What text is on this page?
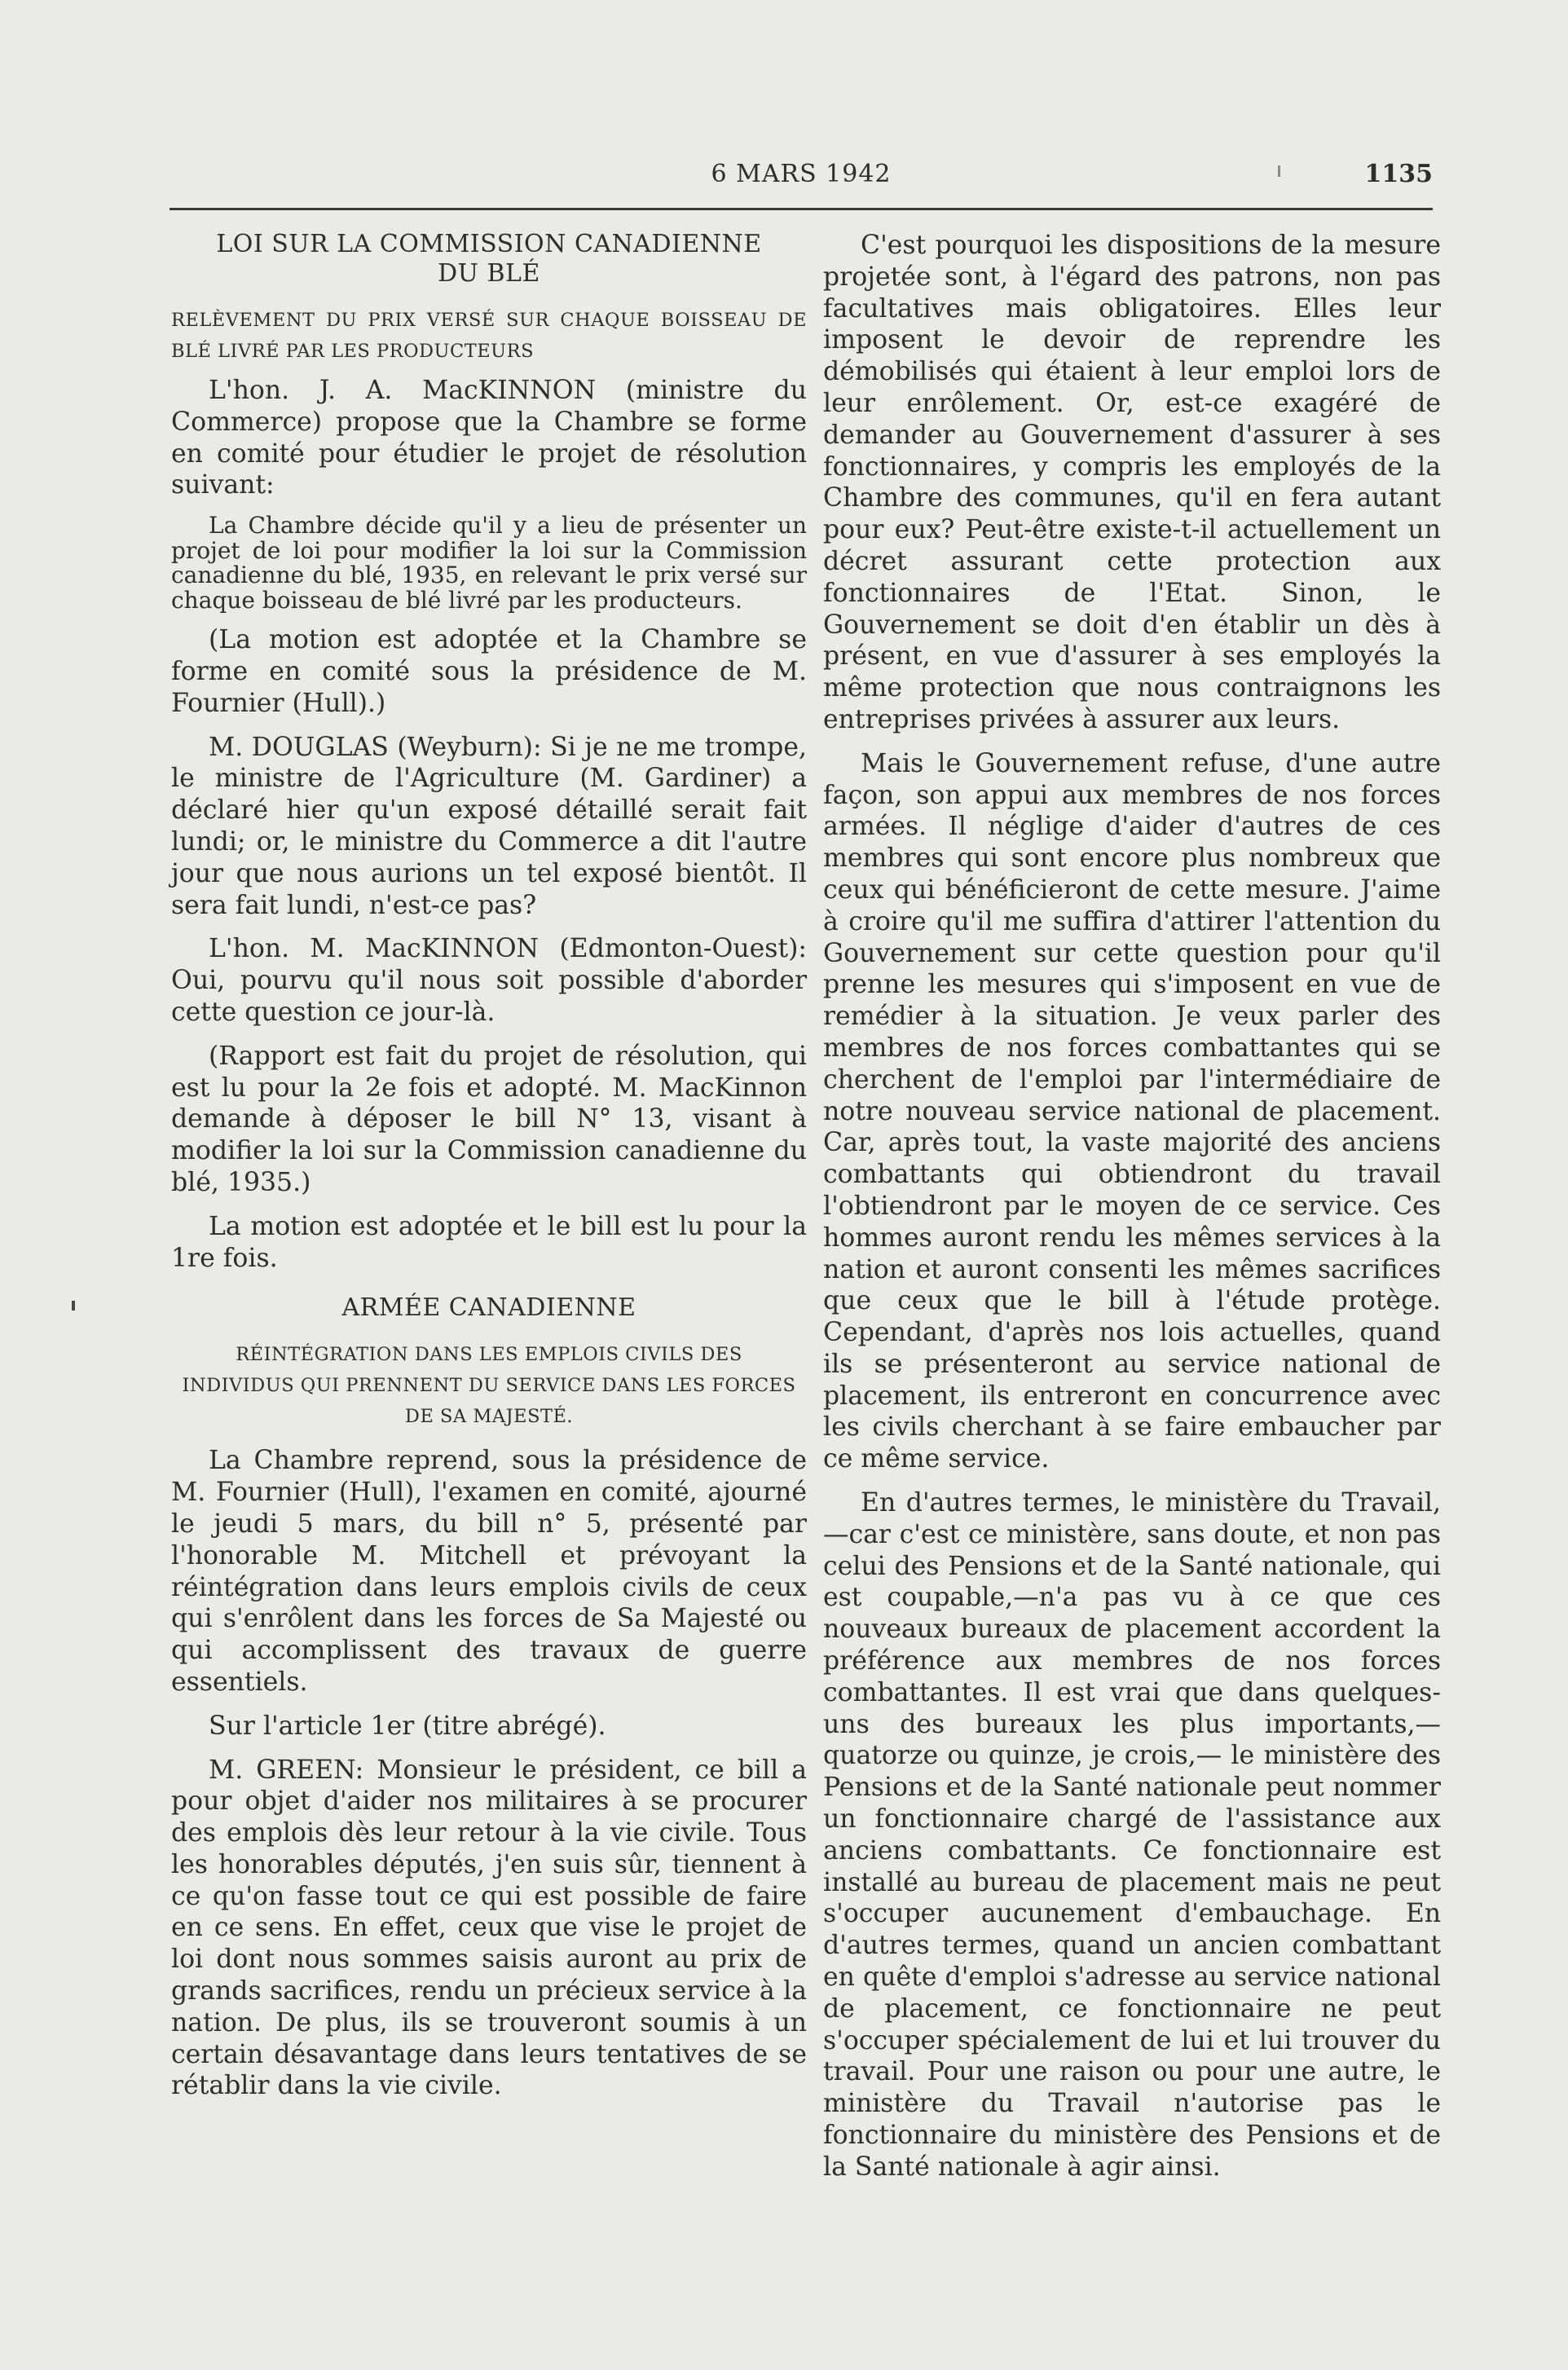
6 MARS 1942	1135
LOI SUR LA COMMISSION CANADIENNE DU BLÉ
RELÈVEMENT DU PRIX VERSÉ SUR CHAQUE BOISSEAU DE BLÉ LIVRÉ PAR LES PRODUCTEURS

L'hon. J. A. MacKINNON (ministre du Commerce) propose que la Chambre se forme en comité pour étudier le projet de résolution suivant:

La Chambre décide qu'il y a lieu de présenter un projet de loi pour modifier la loi sur la Commission canadienne du blé, 1935, en relevant le prix versé sur chaque boisseau de blé livré par les producteurs.

(La motion est adoptée et la Chambre se forme en comité sous la présidence de M. Fournier (Hull).)

M. DOUGLAS (Weyburn): Si je ne me trompe, le ministre de l'Agriculture (M. Gardiner) a déclaré hier qu'un exposé détaillé serait fait lundi; or, le ministre du Commerce a dit l'autre jour que nous aurions un tel exposé bientôt. Il sera fait lundi, n'est-ce pas?

L'hon. M. MacKINNON (Edmonton-Ouest): Oui, pourvu qu'il nous soit possible d'aborder cette question ce jour-là.

(Rapport est fait du projet de résolution, qui est lu pour la 2e fois et adopté. M. MacKinnon demande à déposer le bill N° 13, visant à modifier la loi sur la Commission canadienne du blé, 1935.)

La motion est adoptée et le bill est lu pour la 1re fois.

ARMÉE CANADIENNE
RÉINTÉGRATION DANS LES EMPLOIS CIVILS DES INDIVIDUS QUI PRENNENT DU SERVICE DANS LES FORCES DE SA MAJESTÉ.

La Chambre reprend, sous la présidence de M. Fournier (Hull), l'examen en comité, ajourné le jeudi 5 mars, du bill n° 5, présenté par l'honorable M. Mitchell et prévoyant la réintégration dans leurs emplois civils de ceux qui s'enrôlent dans les forces de Sa Majesté ou qui accomplissent des travaux de guerre essentiels.

Sur l'article 1er (titre abrégé).

M. GREEN: Monsieur le président, ce bill a pour objet d'aider nos militaires à se procurer des emplois dès leur retour à la vie civile. Tous les honorables députés, j'en suis sûr, tiennent à ce qu'on fasse tout ce qui est possible de faire en ce sens. En effet, ceux que vise le projet de loi dont nous sommes saisis auront au prix de grands sacrifices, rendu un précieux service à la nation. De plus, ils se trouveront soumis à un certain désavantage dans leurs tentatives de se rétablir dans la vie civile.

C'est pourquoi les dispositions de la mesure projetée sont, à l'égard des patrons, non pas facultatives mais obligatoires. Elles leur imposent le devoir de reprendre les démobilisés qui étaient à leur emploi lors de leur enrôlement. Or, est-ce exagéré de demander au Gouvernement d'assurer à ses fonctionnaires, y compris les employés de la Chambre des communes, qu'il en fera autant pour eux? Peut-être existe-t-il actuellement un décret assurant cette protection aux fonctionnaires de l'Etat. Sinon, le Gouvernement se doit d'en établir un dès à présent, en vue d'assurer à ses employés la même protection que nous contraignons les entreprises privées à assurer aux leurs.

Mais le Gouvernement refuse, d'une autre façon, son appui aux membres de nos forces armées. Il néglige d'aider d'autres de ces membres qui sont encore plus nombreux que ceux qui bénéficieront de cette mesure. J'aime à croire qu'il me suffira d'attirer l'attention du Gouvernement sur cette question pour qu'il prenne les mesures qui s'imposent en vue de remédier à la situation. Je veux parler des membres de nos forces combattantes qui se cherchent de l'emploi par l'intermédiaire de notre nouveau service national de placement. Car, après tout, la vaste majorité des anciens combattants qui obtiendront du travail l'obtiendront par le moyen de ce service. Ces hommes auront rendu les mêmes services à la nation et auront consenti les mêmes sacrifices que ceux que le bill à l'étude protège. Cependant, d'après nos lois actuelles, quand ils se présenteront au service national de placement, ils entreront en concurrence avec les civils cherchant à se faire embaucher par ce même service.

En d'autres termes, le ministère du Travail, —car c'est ce ministère, sans doute, et non pas celui des Pensions et de la Santé nationale, qui est coupable,—n'a pas vu à ce que ces nouveaux bureaux de placement accordent la préférence aux membres de nos forces combattantes. Il est vrai que dans quelques-uns des bureaux les plus importants,—quatorze ou quinze, je crois,— le ministère des Pensions et de la Santé nationale peut nommer un fonctionnaire chargé de l'assistance aux anciens combattants. Ce fonctionnaire est installé au bureau de placement mais ne peut s'occuper aucunement d'embauchage. En d'autres termes, quand un ancien combattant en quête d'emploi s'adresse au service national de placement, ce fonctionnaire ne peut s'occuper spécialement de lui et lui trouver du travail. Pour une raison ou pour une autre, le ministère du Travail n'autorise pas le fonctionnaire du ministère des Pensions et de la Santé nationale à agir ainsi.
